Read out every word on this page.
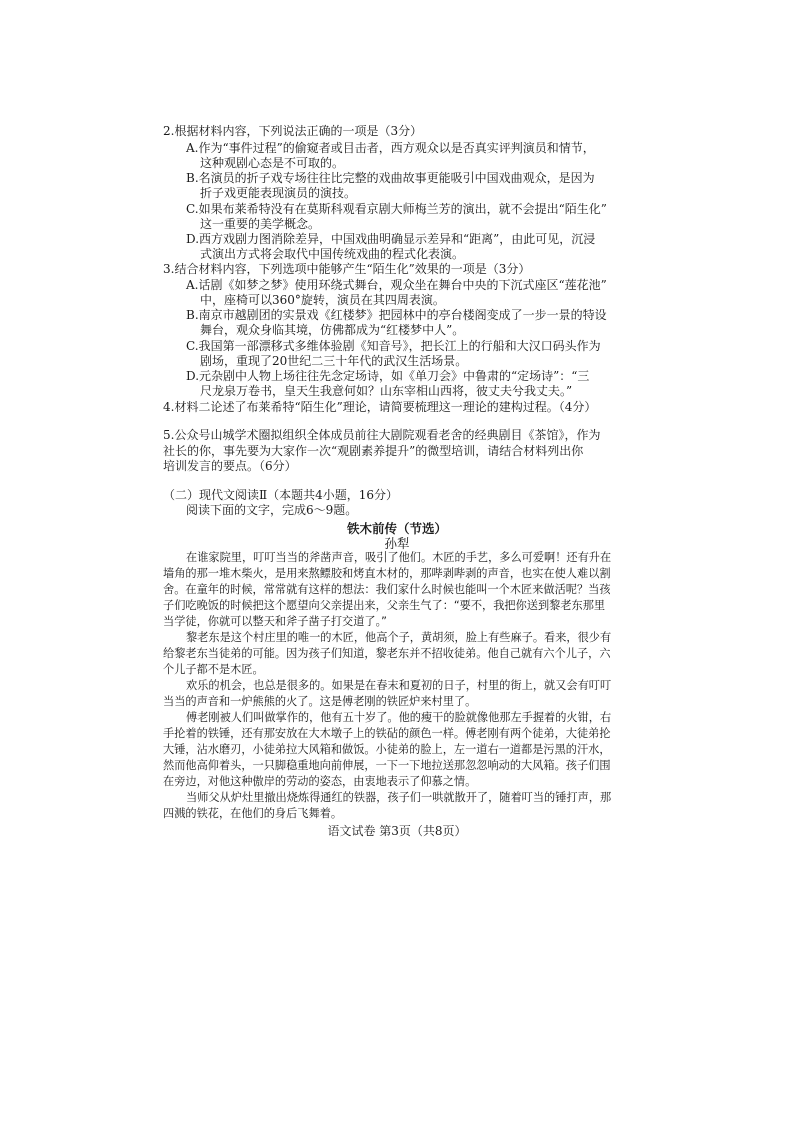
2.根据材料内容，下列说法正确的一项是（3分）
A.作为“事件过程”的偷窥者或目击者，西方观众以是否真实评判演员和情节，
这种观剧心态是不可取的。
B.名演员的折子戏专场往往比完整的戏曲故事更能吸引中国戏曲观众，是因为
折子戏更能表现演员的演技。
C.如果布莱希特没有在莫斯科观看京剧大师梅兰芳的演出，就不会提出“陌生化”
这一重要的美学概念。
D.西方戏剧力图消除差异，中国戏曲明确显示差异和“距离”，由此可见，沉浸
式演出方式将会取代中国传统戏曲的程式化表演。
3.结合材料内容，下列选项中能够产生“陌生化”效果的一项是（3分）
A.话剧《如梦之梦》使用环绕式舞台，观众坐在舞台中央的下沉式座区“莲花池”
中，座椅可以360°旋转，演员在其四周表演。
B.南京市越剧团的实景戏《红楼梦》把园林中的亭台楼阁变成了一步一景的特设
舞台，观众身临其境，仿佛都成为“红楼梦中人”。
C.我国第一部漂移式多维体验剧《知音号》，把长江上的行船和大汉口码头作为
剧场，重现了20世纪二三十年代的武汉生活场景。
D.元杂剧中人物上场往往先念定场诗，如《单刀会》中鲁肃的“定场诗”：“三
尺龙泉万卷书，皇天生我意何如？山东宰相山西将，彼丈夫兮我丈夫。”
4.材料二论述了布莱希特“陌生化”理论，请简要梳理这一理论的建构过程。（4分）
5.公众号山城学术圈拟组织全体成员前往大剧院观看老舍的经典剧目《茶馆》，作为
社长的你，事先要为大家作一次“观剧素养提升”的微型培训，请结合材料列出你
培训发言的要点。（6分）
（二）现代文阅读Ⅱ（本题共4小题，16分）
阅读下面的文字，完成6～9题。
铁木前传（节选）
孙犁
在谁家院里，叮叮当当的斧凿声音，吸引了他们。木匠的手艺，多么可爱啊！还有升在
墙角的那一堆木柴火，是用来熬鳔胶和烤直木材的，那哔剥哔剥的声音，也实在使人难以割
舍。在童年的时候，常常就有这样的想法：我们家什么时候也能叫一个木匠来做活呢？当孩
子们吃晚饭的时候把这个愿望向父亲提出来，父亲生气了：“要不，我把你送到黎老东那里
当学徒，你就可以整天和斧子凿子打交道了。”
黎老东是这个村庄里的唯一的木匠，他高个子，黄胡须，脸上有些麻子。看来，很少有
给黎老东当徒弟的可能。因为孩子们知道，黎老东并不招收徒弟。他自己就有六个儿子，六
个儿子都不是木匠。
欢乐的机会，也总是很多的。如果是在春末和夏初的日子，村里的街上，就又会有叮叮
当当的声音和一炉熊熊的火了。这是傅老刚的铁匠炉来村里了。
傅老刚被人们叫做掌作的，他有五十岁了。他的瘦干的脸就像他那左手握着的火钳，右
手抡着的铁锤，还有那安放在大木墩子上的铁砧的颜色一样。傅老刚有两个徒弟，大徒弟抡
大锤，沾水磨刃，小徒弟拉大风箱和做饭。小徒弟的脸上，左一道右一道都是污黑的汗水，
然而他高仰着头，一只脚稳重地向前伸展，一下一下地拉送那忽忽响动的大风箱。孩子们围
在旁边，对他这种傲岸的劳动的姿态，由衷地表示了仰慕之情。
当师父从炉灶里撤出烧炼得通红的铁器，孩子们一哄就散开了，随着叮当的锤打声，那
四溅的铁花，在他们的身后飞舞着。
语文试卷 第3页（共8页）
